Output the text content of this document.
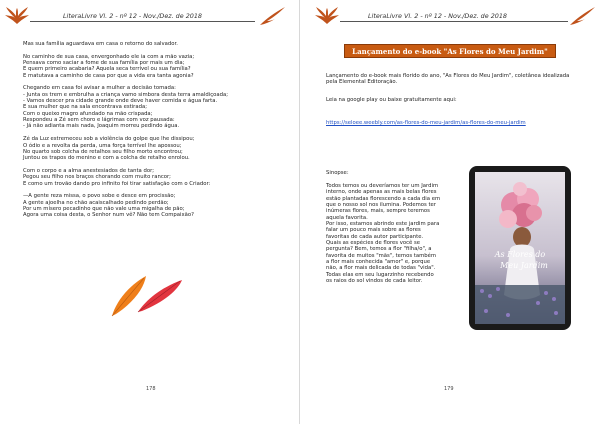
LiteraLivre Vl. 2 - nº 12 - Nov./Dez. de 2018

Mas sua família aguardava em casa o retorno do salvador.

No caminho de sua casa, envergonhado ele ia com a mão vazia;
Pensava como saciar a fome de sua família por mais um dia;
E quem primeiro acabaria? Aquela seca terrível ou sua família?
E matutava a caminho de casa por que a vida era tanta agonia?

Chegando em casa foi avisar a mulher a decisão tomada:
- Junta os trem e embrulha a criança vamo simbora desta terra amaldiçoada;
- Vamos descer pra cidade grande onde deve haver comida e água farta.
E sua mulher que na sala encontrava estirada;
Com o queixo magro afundado na mão crispada;
Respondeu a Zé sem choro e lágrimas com voz pausada:
- Já não adianta mais nada, Joaquim morreu pedindo água.

Zé da Luz estremeceu sob a violência do golpe que lhe dissipou;
O ódio e a revolta da perda, uma força terrível lhe apossou;
No quarto sob colcha de retalhos seu filho morto encontrou;
Juntou os trapos do menino e com a colcha de retalho enrolou.

Com o corpo e a alma anestesiados de tanta dor;
Pegou seu filho nos braços chorando com muito rancor;
E como um trovão dando pro infinito foi tirar satisfação com o Criador:

—A gente reza missa, o povo sobe e desce em procissão;
A gente ajoelha no chão acaiscalhado pedindo perdão;
Por um mísero pecadinho que não vale uma migalha de pão;
Agora uma coisa desta, o Senhor num vê? Não tem Compaixão?

178
LiteraLivre Vl. 2 - nº 12 - Nov./Dez. de 2018
Lançamento do e-book "As Flores do Meu Jardim"
Lançamento do e-book mais florido do ano, "As Flores do Meu Jardim", coletânea idealizada pela Elemental Editoração.
Leia na google play ou baixe gratuitamente aqui:
https://seloee.weebly.com/as-flores-do-meu-jardim/as-flores-do-meu-jardim
Sinopse:
Todos temos ou deveríamos ter um Jardim
interno, onde apenas as mais belas flores
estão plantadas florescendo a cada dia em
que o nosso sol nos ilumina. Podemos ter
inúmeras flores, mais, sempre teremos
aquela favorita.
Por isso, estamos abrindo este jardim para
falar um pouco mais sobre as flores
favoritas de cada autor participante.
Quais as espécies de flores você se
pergunta? Bem, temos a flor "filha/o", a
favorita de muitos "mãs", temos também
a flor mais conhecida "amor" e, porque
não, a flor mais delicada de todas "vida".
Todas elas em seu lugarzinho recebendo
os raios do sol vindos de cada leitor.
As Flores do
Meu Jardim
179
